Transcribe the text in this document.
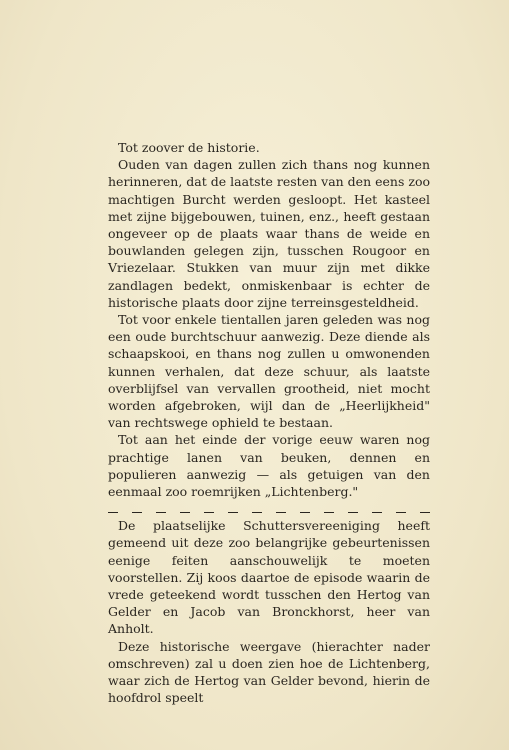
Tot zoover de historie.

Ouden van dagen zullen zich thans nog kunnen herinneren, dat de laatste resten van den eens zoo machtigen Burcht werden gesloopt. Het kasteel met zijne bijgebouwen, tuinen, enz., heeft gestaan ongeveer op de plaats waar thans de weide en bouwlanden gelegen zijn, tusschen Rougoor en Vriezelaar. Stukken van muur zijn met dikke zandlagen bedekt, onmiskenbaar is echter de historische plaats door zijne terreinsgesteldheid.

Tot voor enkele tientallen jaren geleden was nog een oude burchtschuur aanwezig. Deze diende als schaapskooi, en thans nog zullen u omwonenden kunnen verhalen, dat deze schuur, als laatste overblijfsel van vervallen grootheid, niet mocht worden afgebroken, wijl dan de „Heerlijkheid" van rechtswege ophield te bestaan.

Tot aan het einde der vorige eeuw waren nog prachtige lanen van beuken, dennen en populieren aanwezig — als getuigen van den eenmaal zoo roemrijken „Lichtenberg."

De plaatselijke Schuttersvereeniging heeft gemeend uit deze zoo belangrijke gebeurtenissen eenige feiten aanschouwelijk te moeten voorstellen. Zij koos daartoe de episode waarin de vrede geteekend wordt tusschen den Hertog van Gelder en Jacob van Bronckhorst, heer van Anholt.

Deze historische weergave (hierachter nader omschreven) zal u doen zien hoe de Lichtenberg, waar zich de Hertog van Gelder bevond, hierin de hoofdrol speelt
